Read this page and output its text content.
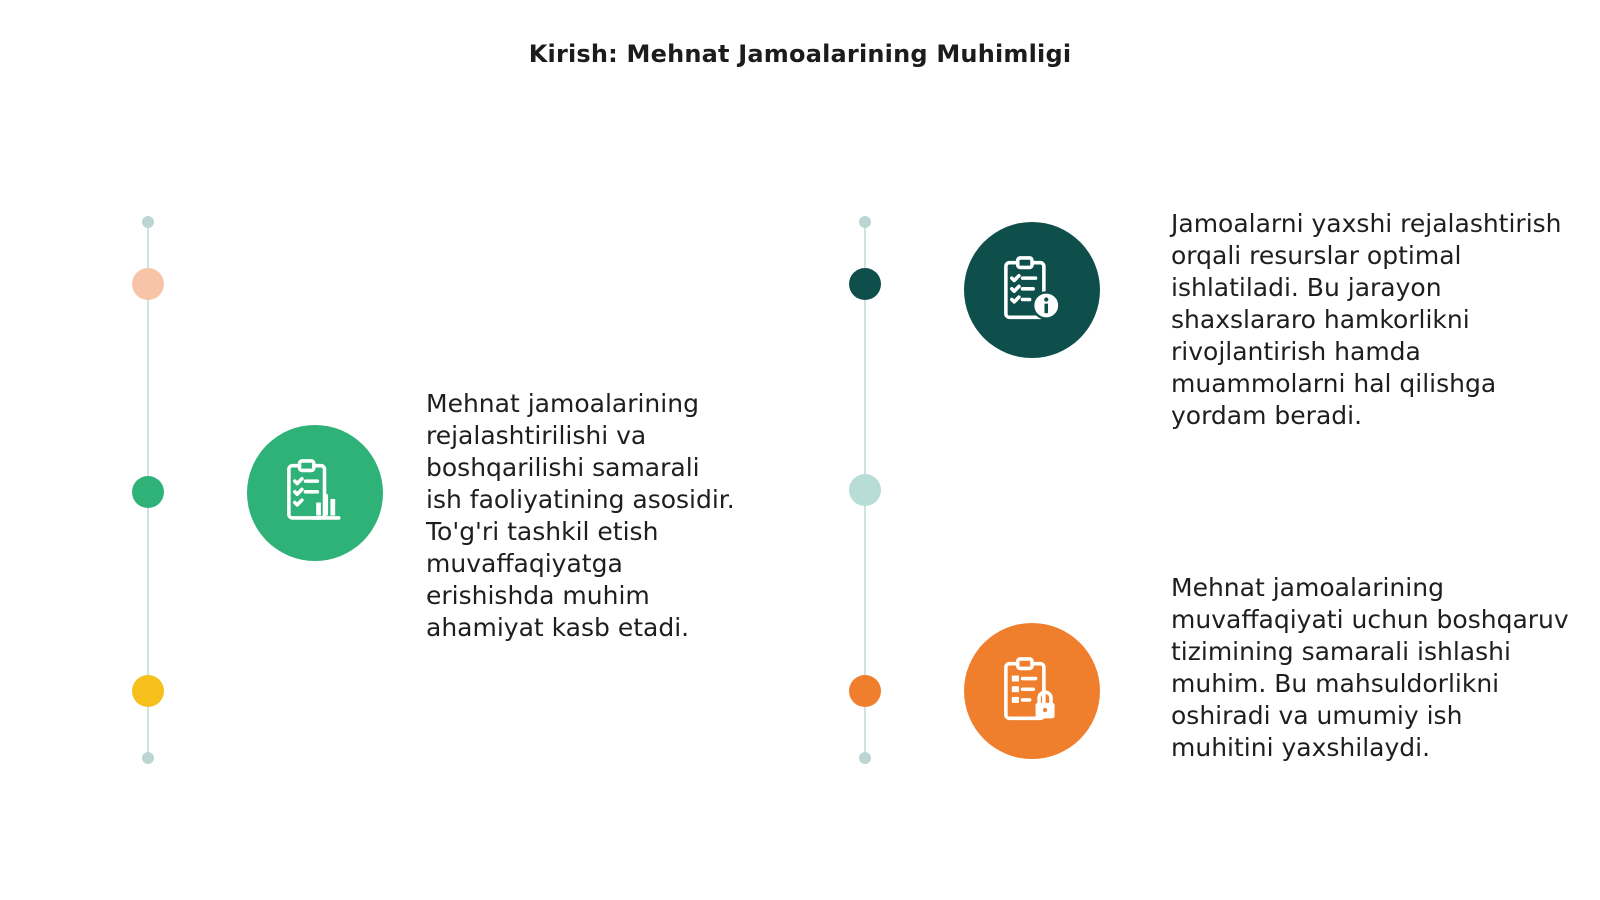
Kirish: Mehnat Jamoalarining Muhimligi
Mehnat jamoalarining rejalashtirilishi va boshqarilishi samarali ish faoliyatining asosidir. To'g'ri tashkil etish muvaffaqiyatga erishishda muhim ahamiyat kasb etadi.
Jamoalarni yaxshi rejalashtirish orqali resurslar optimal ishlatiladi. Bu jarayon shaxslararo hamkorlikni rivojlantirish hamda muammolarni hal qilishga yordam beradi.
Mehnat jamoalarining muvaffaqiyati uchun boshqaruv tizimining samarali ishlashi muhim. Bu mahsuldorlikni oshiradi va umumiy ish muhitini yaxshilaydi.
